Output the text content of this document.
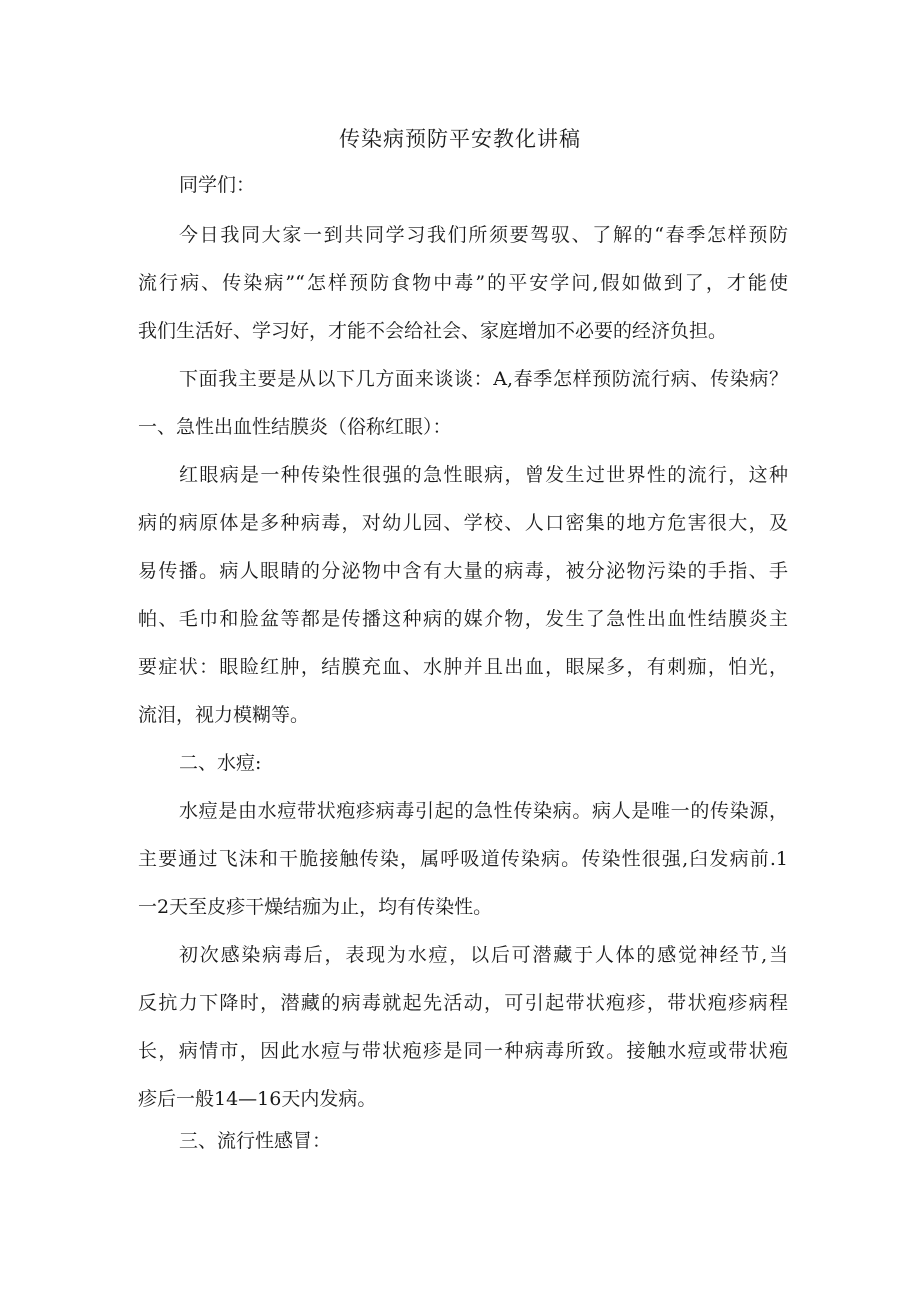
传染病预防平安教化讲稿
同学们：
今日我同大家一到共同学习我们所须要驾驭、了解的“春季怎样预防
流行病、传染病”“怎样预防食物中毒”的平安学问,假如做到了，才能使
我们生活好、学习好，才能不会给社会、家庭增加不必要的经济负担。
下面我主要是从以下几方面来谈谈：A,春季怎样预防流行病、传染病？
一、急性出血性结膜炎（俗称红眼）：
红眼病是一种传染性很强的急性眼病，曾发生过世界性的流行，这种
病的病原体是多种病毒，对幼儿园、学校、人口密集的地方危害很大，及
易传播。病人眼睛的分泌物中含有大量的病毒，被分泌物污染的手指、手
帕、毛巾和脸盆等都是传播这种病的媒介物，发生了急性出血性结膜炎主
要症状：眼睑红肿，结膜充血、水肿并且出血，眼屎多，有刺痂，怕光，
流泪，视力模糊等。
二、水痘:
水痘是由水痘带状疱疹病毒引起的急性传染病。病人是唯一的传染源，
主要通过飞沫和干脆接触传染，属呼吸道传染病。传染性很强,臼发病前.1
一2天至皮疹干燥结痂为止，均有传染性。
初次感染病毒后，表现为水痘，以后可潜藏于人体的感觉神经节,当
反抗力下降时，潜藏的病毒就起先活动，可引起带状疱疹，带状疱疹病程
长，病情市，因此水痘与带状疱疹是同一种病毒所致。接触水痘或带状疱
疹后一般14—16天内发病。
三、流行性感冒：
